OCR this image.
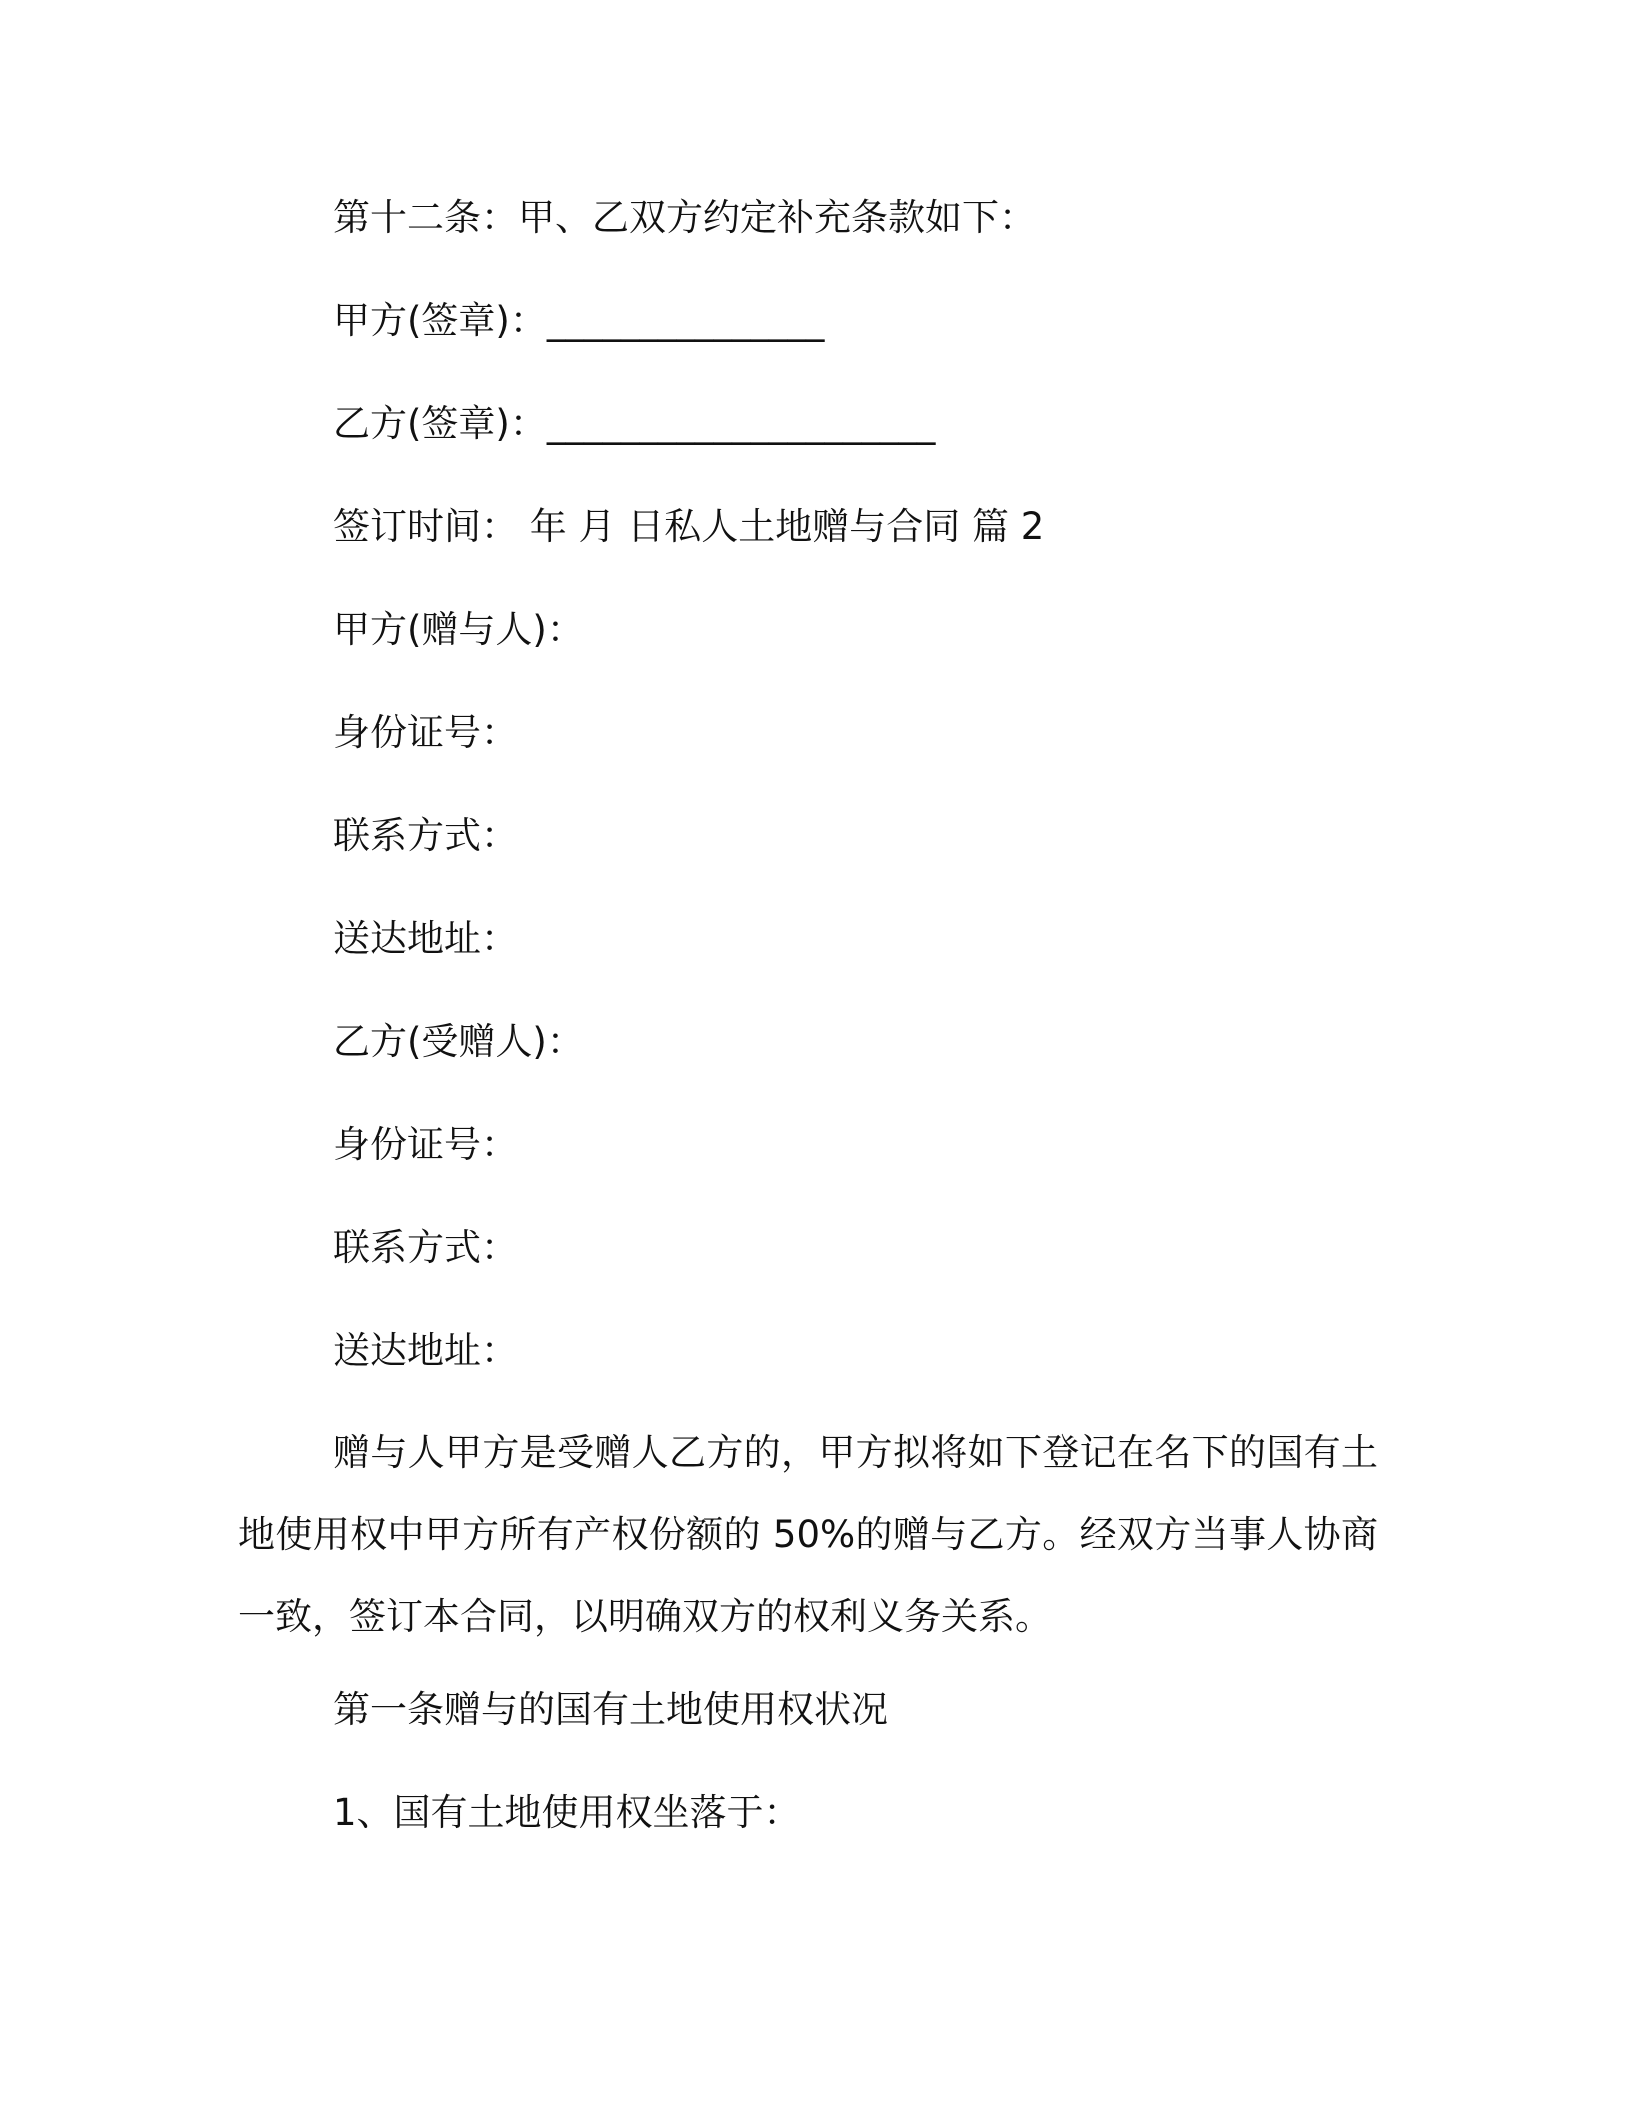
第十二条：甲、乙双方约定补充条款如下：
甲方(签章)：_______________
乙方(签章)：_____________________
签订时间： 年 月 日私人土地赠与合同 篇 2
甲方(赠与人)：
身份证号：
联系方式：
送达地址：
乙方(受赠人)：
身份证号：
联系方式：
送达地址：
赠与人甲方是受赠人乙方的，甲方拟将如下登记在名下的国有土地使用权中甲方所有产权份额的 50%的赠与乙方。经双方当事人协商一致，签订本合同，以明确双方的权利义务关系。
第一条赠与的国有土地使用权状况
1、国有土地使用权坐落于：
